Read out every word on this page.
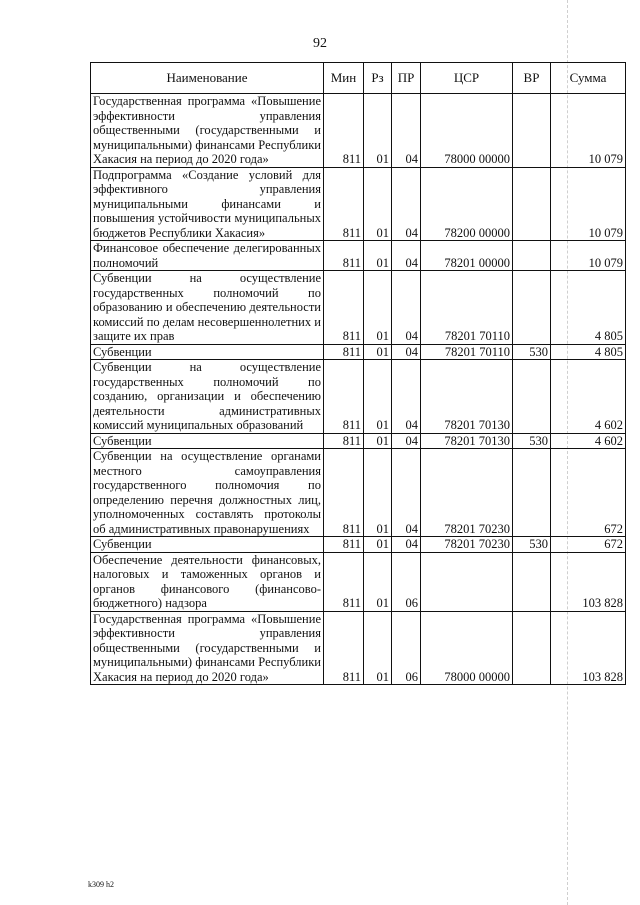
92
Наименование	Мин	Рз	ПР	ЦСР	ВР	Сумма
Государственная программа «Повышение эффективности управления общественными (государственными и муниципальными) финансами Республики Хакасия на период до 2020 года»	811	01	04	78000 00000		10 079
Подпрограмма «Создание условий для эффективного управления муниципальными финансами и повышения устойчивости муниципальных бюджетов Республики Хакасия»	811	01	04	78200 00000		10 079
Финансовое обеспечение делегированных полномочий	811	01	04	78201 00000		10 079
Субвенции на осуществление государственных полномочий по образованию и обеспечению деятельности комиссий по делам несовершеннолетних и защите их прав	811	01	04	78201 70110		4 805
Субвенции	811	01	04	78201 70110	530	4 805
Субвенции на осуществление государственных полномочий по созданию, организации и обеспечению деятельности административных комиссий муниципальных образований	811	01	04	78201 70130		4 602
Субвенции	811	01	04	78201 70130	530	4 602
Субвенции на осуществление органами местного самоуправления государственного полномочия по определению перечня должностных лиц, уполномоченных составлять протоколы об административных правонарушениях	811	01	04	78201 70230		672
Субвенции	811	01	04	78201 70230	530	672
Обеспечение деятельности финансовых, налоговых и таможенных органов и органов финансового (финансово-бюджетного) надзора	811	01	06			103 828
Государственная программа «Повышение эффективности управления общественными (государственными и муниципальными) финансами Республики Хакасия на период до 2020 года»	811	01	06	78000 00000		103 828
k309 h2
